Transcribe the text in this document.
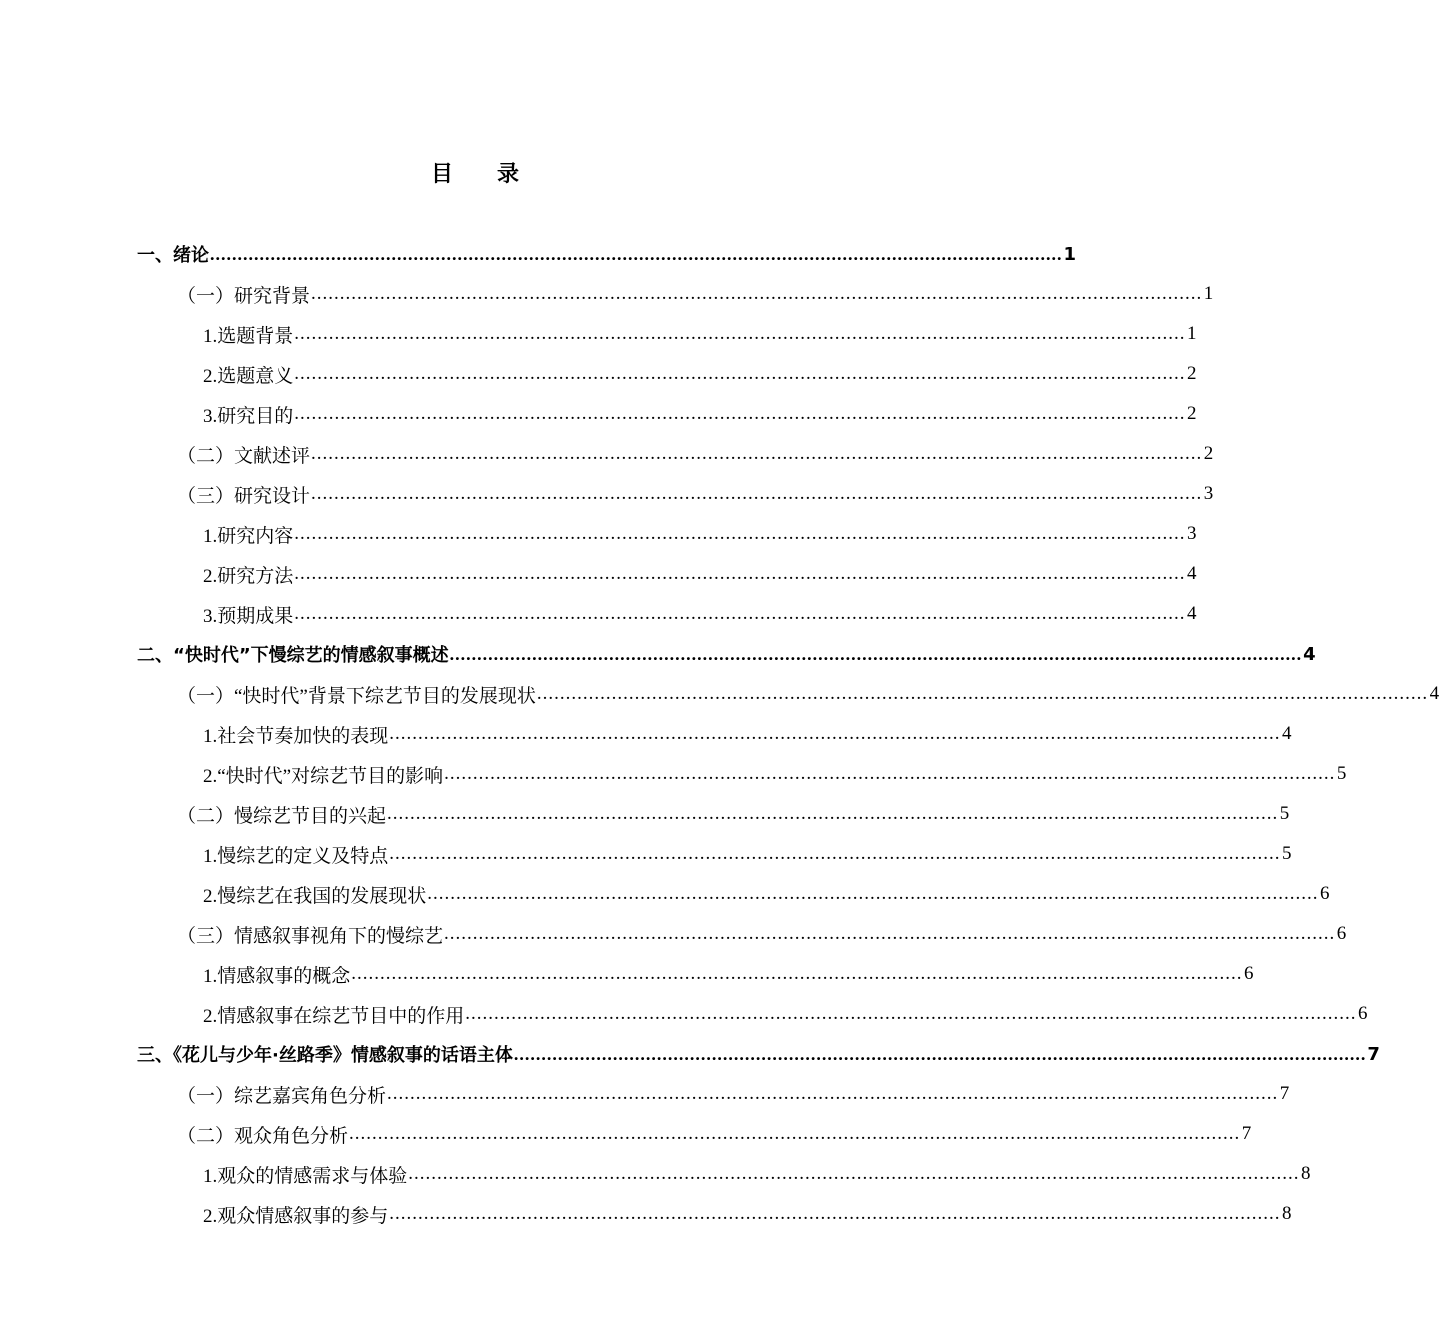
目 录
一、绪论 ........................................................................................................................................................... 1
（一）研究背景 ........................................................................................................................................................... 1
1.选题背景 ........................................................................................................................................................... 1
2.选题意义 ........................................................................................................................................................... 2
3.研究目的 ........................................................................................................................................................... 2
（二）文献述评 ........................................................................................................................................................... 2
（三）研究设计 ........................................................................................................................................................... 3
1.研究内容 ........................................................................................................................................................... 3
2.研究方法 ........................................................................................................................................................... 4
3.预期成果 ........................................................................................................................................................... 4
二、“快时代”下慢综艺的情感叙事概述 ........................................................................................................................................................... 4
（一）“快时代”背景下综艺节目的发展现状 ........................................................................................................................................................... 4
1.社会节奏加快的表现 ........................................................................................................................................................... 4
2.“快时代”对综艺节目的影响 ........................................................................................................................................................... 5
（二）慢综艺节目的兴起 ........................................................................................................................................................... 5
1.慢综艺的定义及特点 ........................................................................................................................................................... 5
2.慢综艺在我国的发展现状 ........................................................................................................................................................... 6
（三）情感叙事视角下的慢综艺 ........................................................................................................................................................... 6
1.情感叙事的概念 ........................................................................................................................................................... 6
2.情感叙事在综艺节目中的作用 ........................................................................................................................................................... 6
三、《花儿与少年·丝路季》情感叙事的话语主体 ........................................................................................................................................................... 7
（一）综艺嘉宾角色分析 ........................................................................................................................................................... 7
（二）观众角色分析 ........................................................................................................................................................... 7
1.观众的情感需求与体验 ........................................................................................................................................................... 8
2.观众情感叙事的参与 ........................................................................................................................................................... 8
